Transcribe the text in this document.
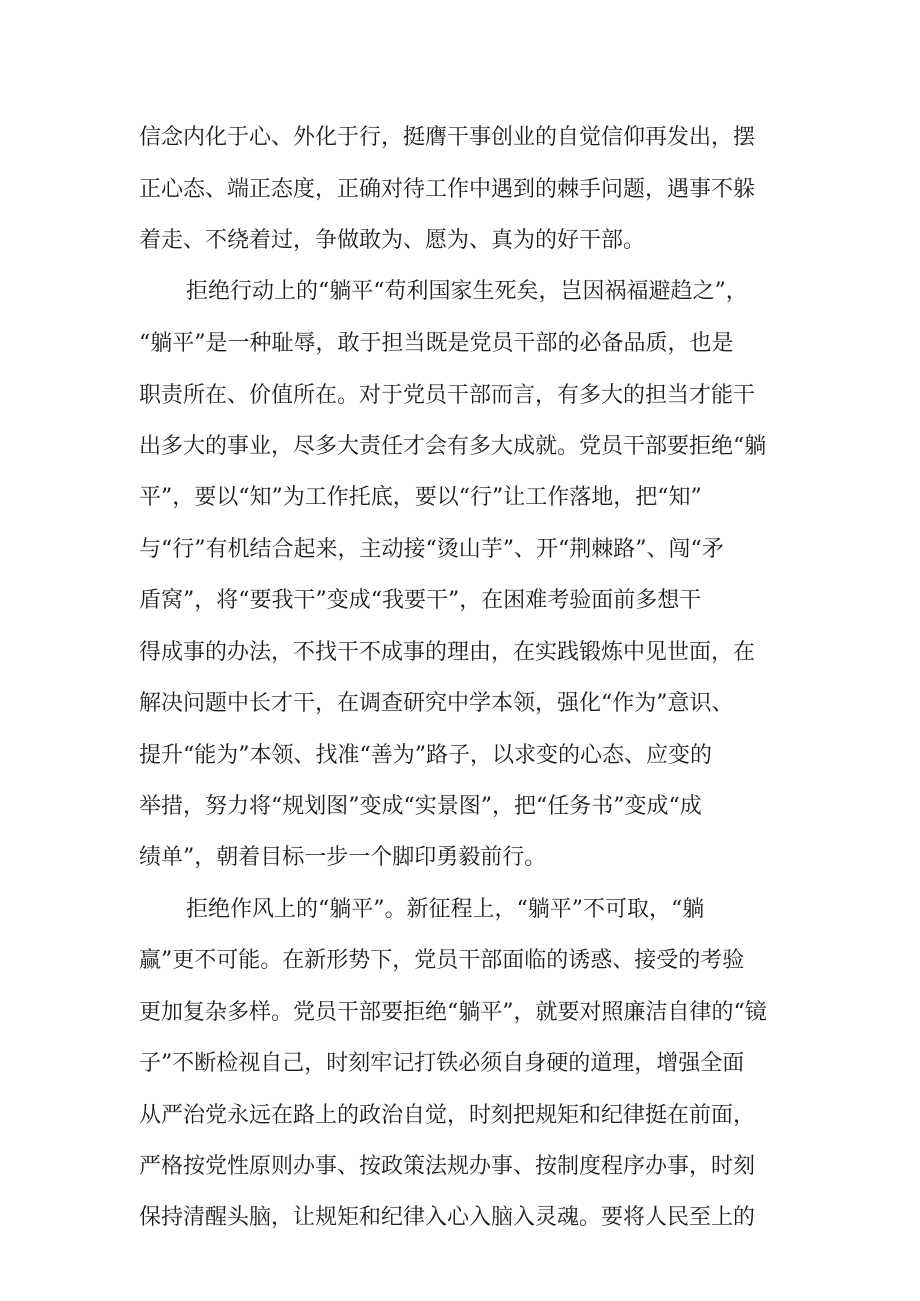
信念内化于心、外化于行，挺膺干事创业的自觉信仰再发出，摆
正心态、端正态度，正确对待工作中遇到的棘手问题，遇事不躲
着走、不绕着过，争做敢为、愿为、真为的好干部。
拒绝行动上的“躺平“苟利国家生死矣，岂因祸福避趋之”，
“躺平”是一种耻辱，敢于担当既是党员干部的必备品质，也是
职责所在、价值所在。对于党员干部而言，有多大的担当才能干
出多大的事业，尽多大责任才会有多大成就。党员干部要拒绝“躺
平”，要以“知”为工作托底，要以“行”让工作落地，把“知”
与“行”有机结合起来，主动接“烫山芋”、开“荆棘路”、闯“矛
盾窝”，将“要我干”变成“我要干”，在困难考验面前多想干
得成事的办法，不找干不成事的理由，在实践锻炼中见世面，在
解决问题中长才干，在调查研究中学本领，强化“作为”意识、
提升“能为”本领、找准“善为”路子，以求变的心态、应变的
举措，努力将“规划图”变成“实景图”，把“任务书”变成“成
绩单”，朝着目标一步一个脚印勇毅前行。
拒绝作风上的“躺平”。新征程上，“躺平”不可取，“躺
赢”更不可能。在新形势下，党员干部面临的诱惑、接受的考验
更加复杂多样。党员干部要拒绝“躺平”，就要对照廉洁自律的“镜
子”不断检视自己，时刻牢记打铁必须自身硬的道理，增强全面
从严治党永远在路上的政治自觉，时刻把规矩和纪律挺在前面，
严格按党性原则办事、按政策法规办事、按制度程序办事，时刻
保持清醒头脑，让规矩和纪律入心入脑入灵魂。要将人民至上的
